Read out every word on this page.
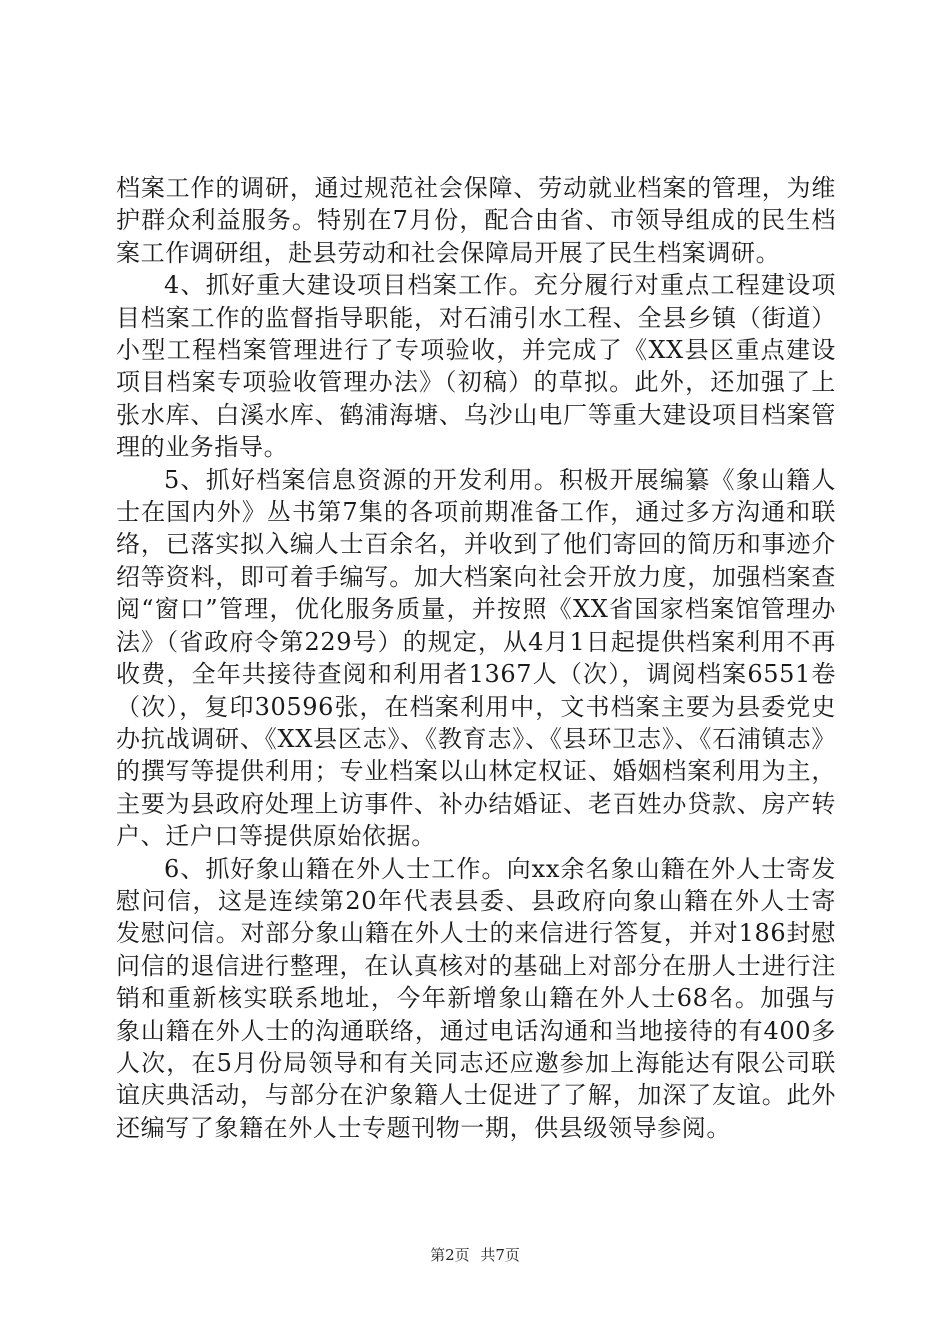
档案工作的调研，通过规范社会保障、劳动就业档案的管理，为维护群众利益服务。特别在7月份，配合由省、市领导组成的民生档案工作调研组，赴县劳动和社会保障局开展了民生档案调研。

4、抓好重大建设项目档案工作。充分履行对重点工程建设项目档案工作的监督指导职能，对石浦引水工程、全县乡镇（街道）小型工程档案管理进行了专项验收，并完成了《XX县区重点建设项目档案专项验收管理办法》（初稿）的草拟。此外，还加强了上张水库、白溪水库、鹤浦海塘、乌沙山电厂等重大建设项目档案管理的业务指导。

5、抓好档案信息资源的开发利用。积极开展编纂《象山籍人士在国内外》丛书第7集的各项前期准备工作，通过多方沟通和联络，已落实拟入编人士百余名，并收到了他们寄回的简历和事迹介绍等资料，即可着手编写。加大档案向社会开放力度，加强档案查阅“窗口”管理，优化服务质量，并按照《XX省国家档案馆管理办法》（省政府令第229号）的规定，从4月1日起提供档案利用不再收费，全年共接待查阅和利用者1367人（次），调阅档案6551卷（次），复印30596张，在档案利用中，文书档案主要为县委党史办抗战调研、《XX县区志》、《教育志》、《县环卫志》、《石浦镇志》的撰写等提供利用；专业档案以山林定权证、婚姻档案利用为主，主要为县政府处理上访事件、补办结婚证、老百姓办贷款、房产转户、迁户口等提供原始依据。

6、抓好象山籍在外人士工作。向xx余名象山籍在外人士寄发慰问信，这是连续第20年代表县委、县政府向象山籍在外人士寄发慰问信。对部分象山籍在外人士的来信进行答复，并对186封慰问信的退信进行整理，在认真核对的基础上对部分在册人士进行注销和重新核实联系地址，今年新增象山籍在外人士68名。加强与象山籍在外人士的沟通联络，通过电话沟通和当地接待的有400多人次，在5月份局领导和有关同志还应邀参加上海能达有限公司联谊庆典活动，与部分在沪象籍人士促进了了解，加深了友谊。此外还编写了象籍在外人士专题刊物一期，供县级领导参阅。

第2页 共7页
